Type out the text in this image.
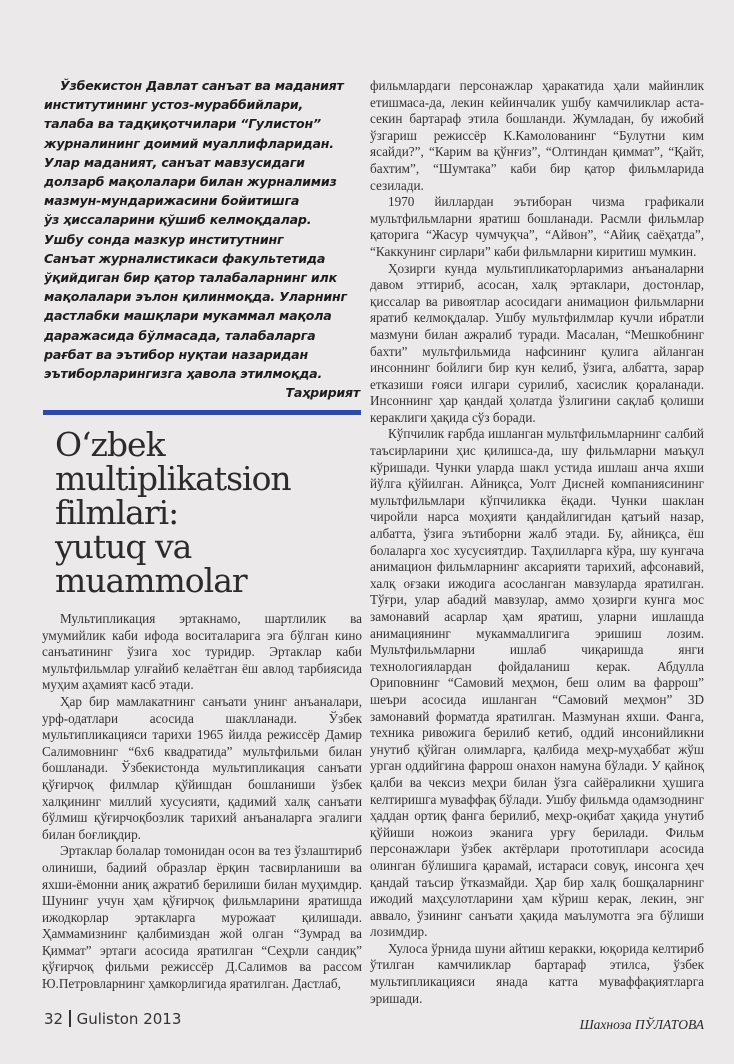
Ўзбекистон Давлат санъат ва маданият
институтининг устоз-мураббийлари,
талаба ва тадқиқотчилари “Гулистон”
журналининг доимий муаллифларидан.
Улар маданият, санъат мавзусидаги
долзарб мақолалари билан журналимиз
мазмун-мундарижасини бойитишга
ўз ҳиссаларини қўшиб келмоқдалар.
Ушбу сонда мазкур институтнинг
Санъат журналистикаси факультетида
ўқийдиган бир қатор талабаларнинг илк
мақолалари эълон қилинмоқда. Уларнинг
дастлабки машқлари мукаммал мақола
даражасида бўлмасада, талабаларга
рағбат ва эътибор нуқтаи назаридан
эътиборларингизга ҳавола этилмоқда.
Таҳририят
O‘zbek
multiplikatsion
filmlari:
yutuq va
muammolar

Мультипликация эртакнамо, шартлилик ва умумийлик каби ифода воситаларига эга бўлган кино санъатининг ўзига хос туридир. Эртаклар каби мультфильмлар улғайиб келаётган ёш авлод тарбиясида муҳим аҳамият касб этади.

Ҳар бир мамлакатнинг санъати унинг анъаналари, урф-одатлари асосида шаклланади. Ўзбек мультипликацияси тарихи 1965 йилда режиссёр Дамир Салимовнинг “6х6 квадратида” мультфильми билан бошланади. Ўзбекистонда мультипликация санъати қўғирчоқ филмлар қўйишдан бошланиши ўзбек халқининг миллий хусусияти, қадимий халқ санъати бўлмиш қўғирчоқбозлик тарихий анъаналарга эгалиги билан боғлиқдир.

Эртаклар болалар томонидан осон ва тез ўзлаштириб олиниши, бадиий образлар ёрқин тасвирланиши ва яхши-ёмонни аниқ ажратиб берилиши билан муҳимдир. Шунинг учун ҳам қўғирчоқ фильмларини яратишда ижодкорлар эртакларга мурожаат қилишади. Ҳаммамизнинг қалбимиздан жой олган “Зумрад ва Қиммат” эртаги асосида яратилган “Сеҳрли сандиқ” қўғирчоқ фильми режиссёр Д.Салимов ва рассом Ю.Петровларнинг ҳамкорлигида яратилган. Дастлаб,

фильмлардаги персонажлар ҳаракатида ҳали майинлик етишмаса-да, лекин кейинчалик ушбу камчиликлар аста-секин бартараф этила бошланди. Жумладан, бу ижобий ўзгариш режиссёр К.Камолованинг “Булутни ким ясайди?”, “Карим ва қўнғиз”, “Олтиндан қиммат”, “Қайт, бахтим”, “Шумтака” каби бир қатор фильмларида сезилади.

1970 йиллардан эътиборан чизма графикали мультфильмларни яратиш бошланади. Расмли фильмлар қаторига “Жасур чумчуқча”, “Айвон”, “Айиқ саёҳатда”, “Каккунинг сирлари” каби фильмларни киритиш мумкин.

Ҳозирги кунда мультипликаторларимиз анъаналарни давом эттириб, асосан, халқ эртаклари, достонлар, қиссалар ва ривоятлар асосидаги анимацион фильмларни яратиб келмоқдалар. Ушбу мультфилмлар кучли ибратли мазмуни билан ажралиб туради. Масалан, “Мешкобнинг бахти” мультфильмида нафсининг қулига айланган инсоннинг бойлиги бир кун келиб, ўзига, албатта, зарар етказиши ғояси илгари сурилиб, хасислик қораланади. Инсоннинг ҳар қандай ҳолатда ўзлигини сақлаб қолиши кераклиги ҳақида сўз боради.

Кўпчилик ғарбда ишланган мультфильмларнинг салбий таъсирларини ҳис қилишса-да, шу фильмларни маъқул кўришади. Чунки уларда шакл устида ишлаш анча яхши йўлга қўйилган. Айниқса, Уолт Дисней компаниясининг мультфильмлари кўпчиликка ёқади. Чунки шаклан чиройли нарса моҳияти қандайлигидан қатъий назар, албатта, ўзига эътиборни жалб этади. Бу, айниқса, ёш болаларга хос хусусиятдир. Таҳлилларга кўра, шу кунгача анимацион фильмларнинг аксарияти тарихий, афсонавий, халқ оғзаки ижодига асосланган мавзуларда яратилган. Тўғри, улар абадий мавзулар, аммо ҳозирги кунга мос замонавий асарлар ҳам яратиш, уларни ишлашда анимациянинг мукаммаллигига эришиш лозим. Мультфильмларни ишлаб чиқаришда янги технологиялардан фойдаланиш керак. Абдулла Ориповнинг “Самовий меҳмон, беш олим ва фаррош” шеъри асосида ишланган “Самовий меҳмон” 3D замонавий форматда яратилган. Мазмунан яхши. Фанга, техника ривожига берилиб кетиб, оддий инсонийликни унутиб қўйган олимларга, қалбида меҳр-муҳаббат жўш урган оддийгина фаррош онахон намуна бўлади. У қайноқ қалби ва чексиз меҳри билан ўзга сайёраликни ҳушига келтиришга муваффақ бўлади. Ушбу фильмда одамзоднинг ҳаддан ортиқ фанга берилиб, меҳр-оқибат ҳақида унутиб қўйиши ножоиз эканига урғу берилади. Фильм персонажлари ўзбек актёрлари прототиплари асосида олинган бўлишига қарамай, истараси совуқ, инсонга ҳеч қандай таъсир ўтказмайди. Ҳар бир халқ бошқаларнинг ижодий маҳсулотларини ҳам кўриш керак, лекин, энг аввало, ўзининг санъати ҳақида маълумотга эга бўлиши лозимдир.

Хулоса ўрнида шуни айтиш керакки, юқорида келтириб ўтилган камчиликлар бартараф этилса, ўзбек мультипликацияси янада катта муваффақиятларга эришади.

Шахноза ПЎЛАТОВА
32 Guliston 2013
